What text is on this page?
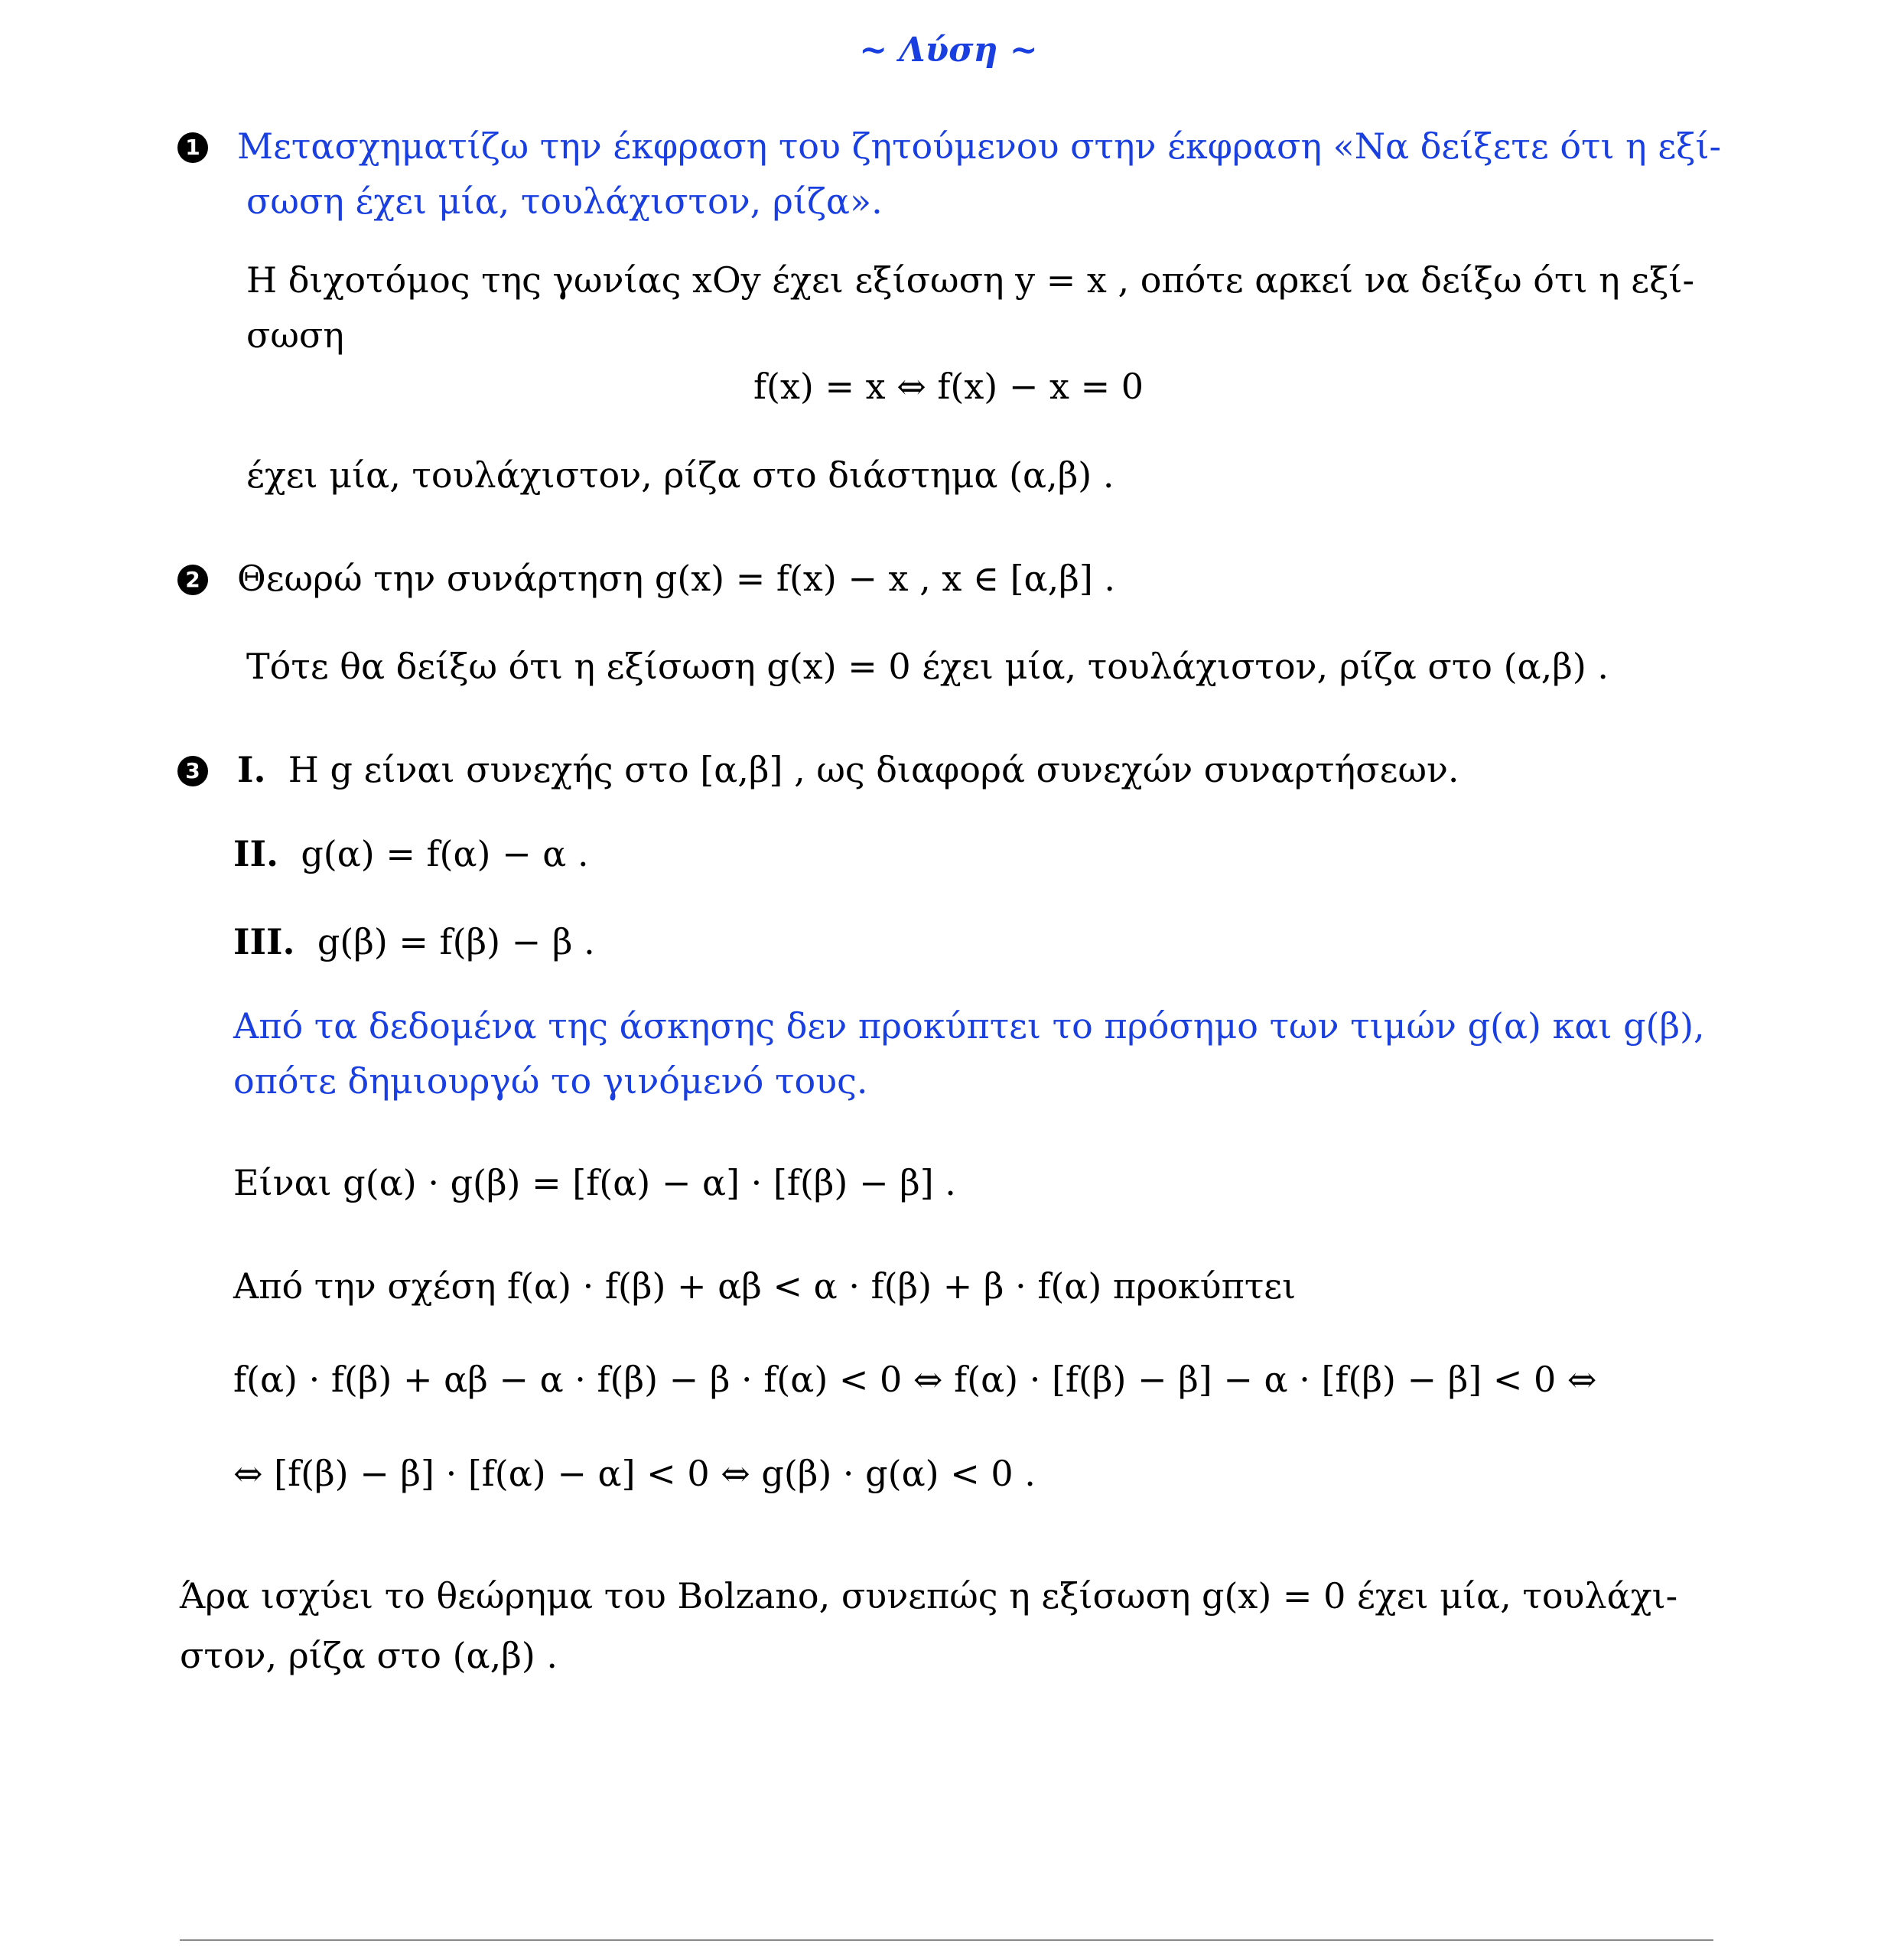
~ Λύση ~
1 Μετασχηματίζω την έκφραση του ζητούμενου στην έκφραση «Να δείξετε ότι η εξί-
σωση έχει μία, τουλάχιστον, ρίζα».
Η διχοτόμος της γωνίας xOy έχει εξίσωση y = x , οπότε αρκεί να δείξω ότι η εξί-
σωση
f(x) = x ⇔ f(x) − x = 0
έχει μία, τουλάχιστον, ρίζα στο διάστημα (α,β) .
2 Θεωρώ την συνάρτηση g(x) = f(x) − x , x ∈ [α,β] .
Τότε θα δείξω ότι η εξίσωση g(x) = 0 έχει μία, τουλάχιστον, ρίζα στο (α,β) .
3 I. Η g είναι συνεχής στο [α,β] , ως διαφορά συνεχών συναρτήσεων.
II. g(α) = f(α) − α .
III. g(β) = f(β) − β .
Από τα δεδομένα της άσκησης δεν προκύπτει το πρόσημο των τιμών g(α) και g(β),
οπότε δημιουργώ το γινόμενό τους.
Είναι g(α) · g(β) = [f(α) − α] · [f(β) − β] .
Από την σχέση f(α) · f(β) + αβ < α · f(β) + β · f(α) προκύπτει
f(α) · f(β) + αβ − α · f(β) − β · f(α) < 0 ⇔ f(α) · [f(β) − β] − α · [f(β) − β] < 0 ⇔
⇔ [f(β) − β] · [f(α) − α] < 0 ⇔ g(β) · g(α) < 0 .
Άρα ισχύει το θεώρημα του Bolzano, συνεπώς η εξίσωση g(x) = 0 έχει μία, τουλάχι-
στον, ρίζα στο (α,β) .
